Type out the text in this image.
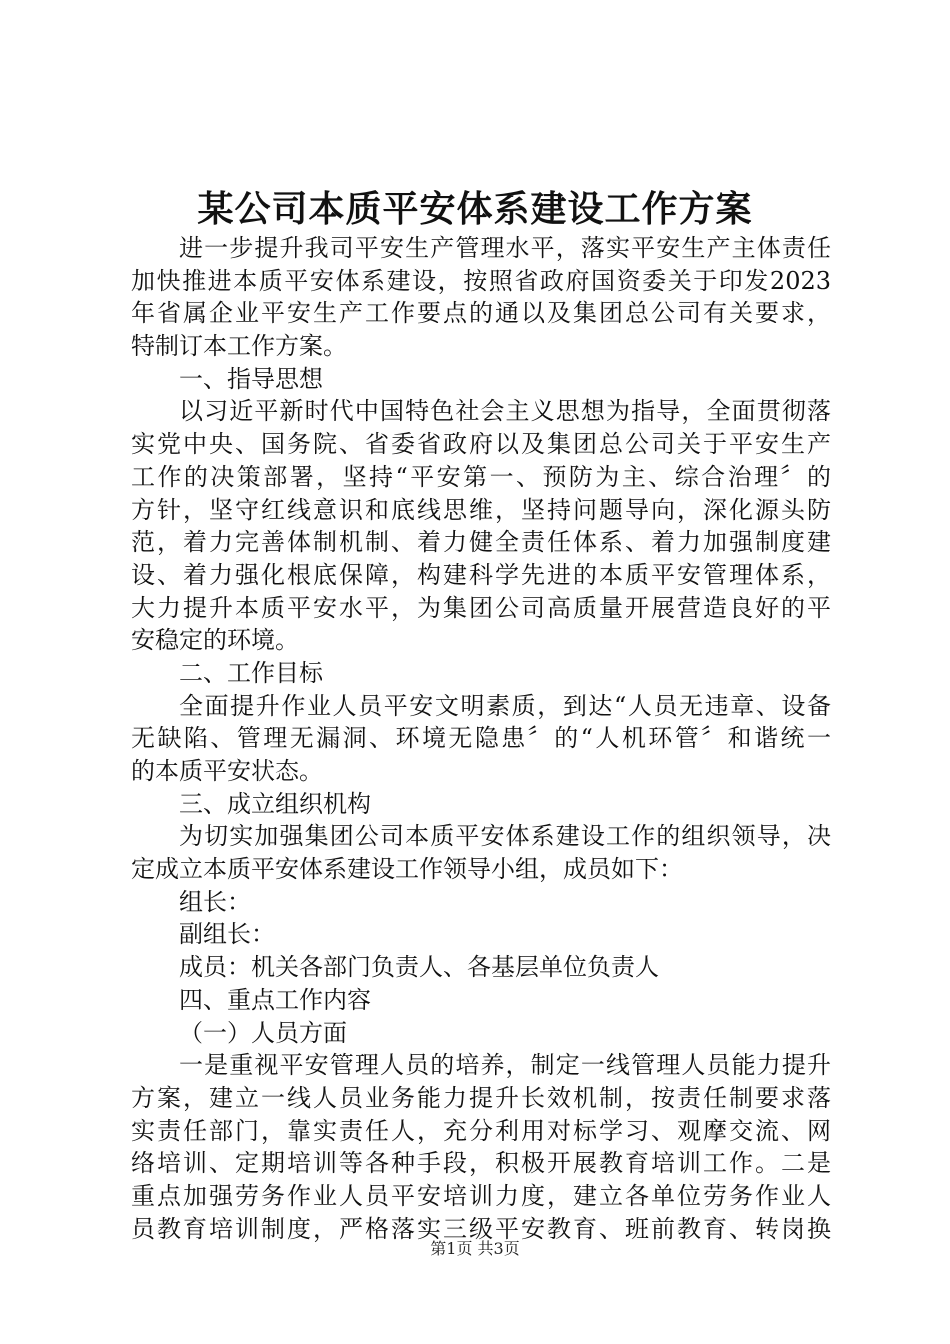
某公司本质平安体系建设工作方案
进一步提升我司平安生产管理水平，落实平安生产主体责任
加快推进本质平安体系建设，按照省政府国资委关于印发2023
年省属企业平安生产工作要点的通以及集团总公司有关要求，
特制订本工作方案。
一、指导思想
以习近平新时代中国特色社会主义思想为指导，全面贯彻落
实党中央、国务院、省委省政府以及集团总公司关于平安生产
工作的决策部署，坚持“平安第一、预防为主、综合治理〞的
方针，坚守红线意识和底线思维，坚持问题导向，深化源头防
范，着力完善体制机制、着力健全责任体系、着力加强制度建
设、着力强化根底保障，构建科学先进的本质平安管理体系，
大力提升本质平安水平，为集团公司高质量开展营造良好的平
安稳定的环境。
二、工作目标
全面提升作业人员平安文明素质，到达“人员无违章、设备
无缺陷、管理无漏洞、环境无隐患〞的“人机环管〞和谐统一
的本质平安状态。
三、成立组织机构
为切实加强集团公司本质平安体系建设工作的组织领导，决
定成立本质平安体系建设工作领导小组，成员如下：
组长：
副组长：
成员：机关各部门负责人、各基层单位负责人
四、重点工作内容
（一）人员方面
一是重视平安管理人员的培养，制定一线管理人员能力提升
方案，建立一线人员业务能力提升长效机制，按责任制要求落
实责任部门，靠实责任人，充分利用对标学习、观摩交流、网
络培训、定期培训等各种手段，积极开展教育培训工作。二是
重点加强劳务作业人员平安培训力度，建立各单位劳务作业人
员教育培训制度，严格落实三级平安教育、班前教育、转岗换
第1页 共3页
